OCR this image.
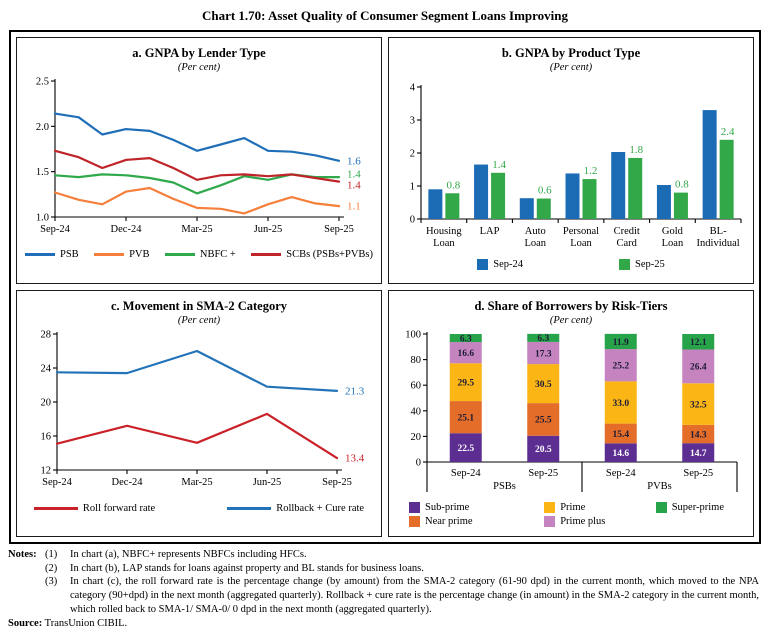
Chart 1.70: Asset Quality of Consumer Segment Loans Improving
a. GNPA by Lender Type
(Per cent)
1.0
1.5
2.0
2.5
Sep-24	Dec-24	Mar-25	Jun-25	Sep-25
1.6
1.4
1.4
1.1
PSB	PVB	NBFC +	SCBs (PSBs+PVBs)
b. GNPA by Product Type
(Per cent)
0
1
2
3
4
0.8
Housing
Loan
1.4
LAP
0.6
Auto
Loan
1.2
Personal
Loan
1.8
Credit
Card
0.8
Gold
Loan
2.4
BL-
Individual
Sep-24	Sep-25
c. Movement in SMA-2 Category
(Per cent)
12
16
20
24
28
Sep-24	Dec-24	Mar-25	Jun-25	Sep-25
21.3
13.4
Roll forward rate	Rollback + Cure rate
d. Share of Borrowers by Risk-Tiers
(Per cent)
0
20
40
60
80
100
22.5
25.1
29.5
16.6
6.3
Sep-24
20.5
25.5
30.5
17.3
6.3
Sep-25
PSBs
14.6
15.4
33.0
25.2
11.9
Sep-24
14.7
14.3
32.5
26.4
12.1
Sep-25
PVBs
Sub-prime	Prime	Super-prime
Near prime	Prime plus
Notes: (1)	In chart (a), NBFC+ represents NBFCs including HFCs.
(2)	In chart (b), LAP stands for loans against property and BL stands for business loans.
(3)	In chart (c), the roll forward rate is the percentage change (by amount) from the SMA-2 category (61-90 dpd) in the current month, which moved to the NPA category (90+dpd) in the next month (aggregated quarterly). Rollback + cure rate is the percentage change (in amount) in the SMA-2 category in the current month, which rolled back to SMA-1/ SMA-0/ 0 dpd in the next month (aggregated quarterly).
Source: TransUnion CIBIL.
